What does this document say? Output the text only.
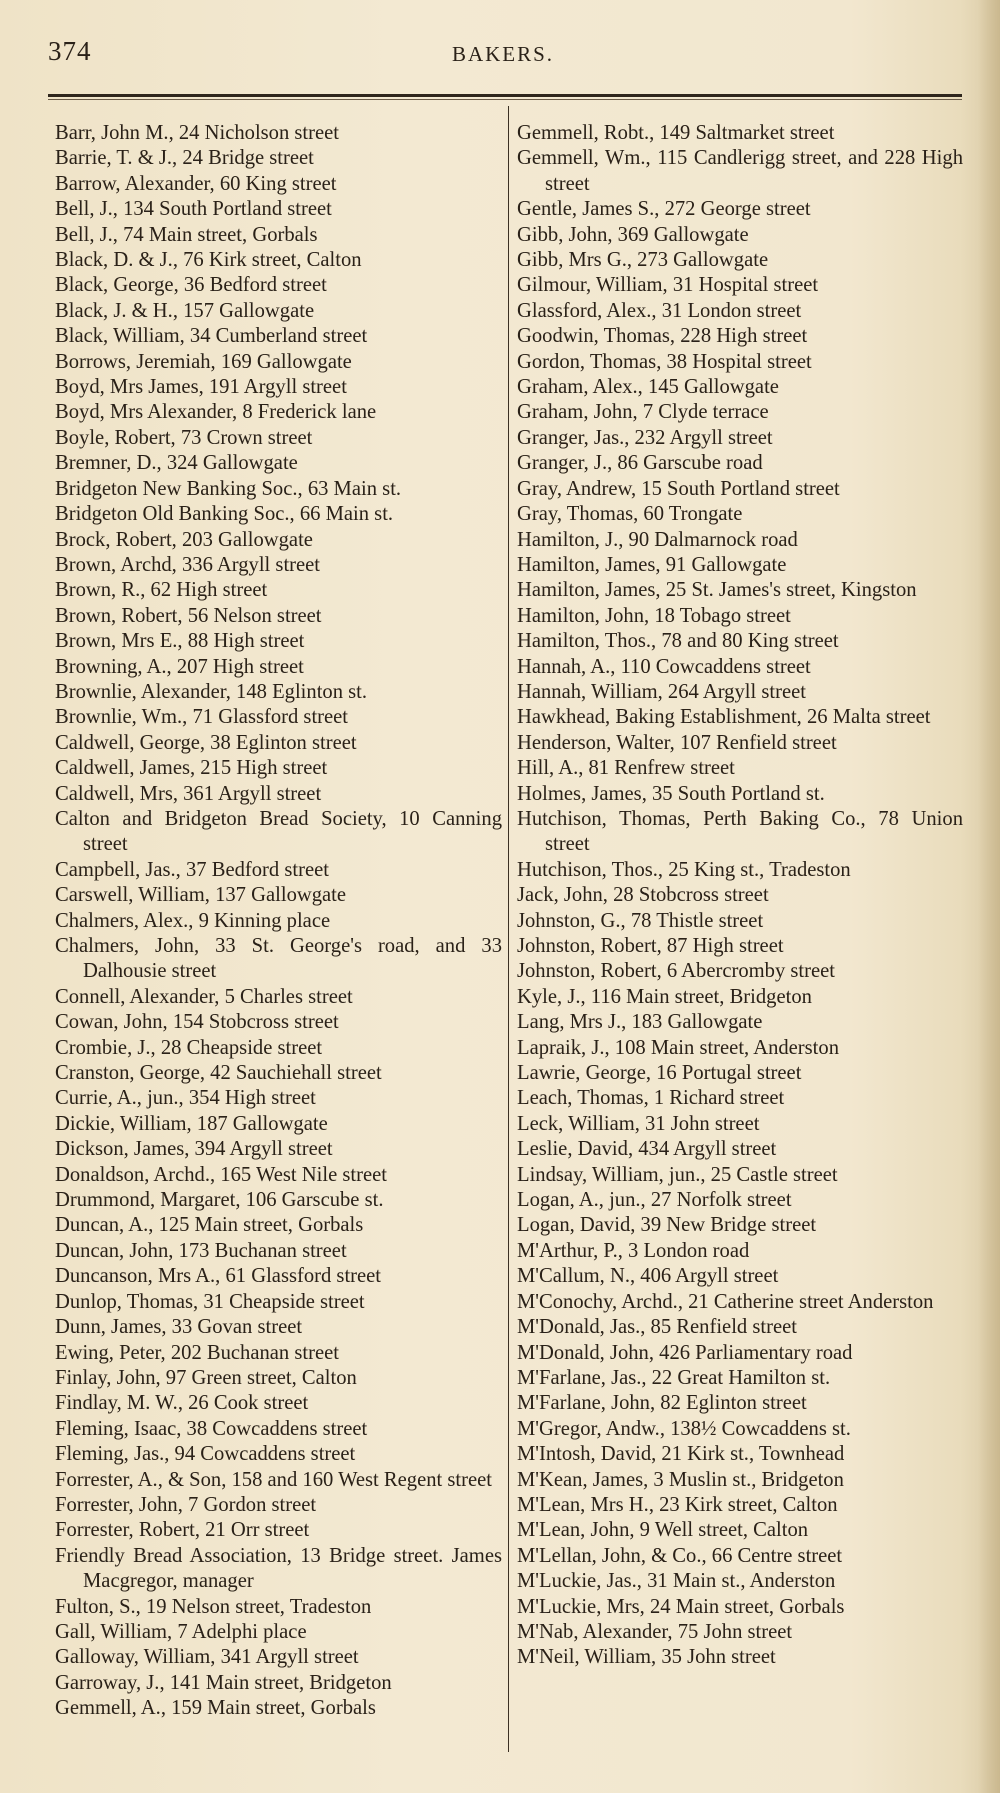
374	BAKERS.

Barr, John M., 24 Nicholson street

Barrie, T. & J., 24 Bridge street

Barrow, Alexander, 60 King street

Bell, J., 134 South Portland street

Bell, J., 74 Main street, Gorbals

Black, D. & J., 76 Kirk street, Calton

Black, George, 36 Bedford street

Black, J. & H., 157 Gallowgate

Black, William, 34 Cumberland street

Borrows, Jeremiah, 169 Gallowgate

Boyd, Mrs James, 191 Argyll street

Boyd, Mrs Alexander, 8 Frederick lane

Boyle, Robert, 73 Crown street

Bremner, D., 324 Gallowgate

Bridgeton New Banking Soc., 63 Main st.

Bridgeton Old Banking Soc., 66 Main st.

Brock, Robert, 203 Gallowgate

Brown, Archd, 336 Argyll street

Brown, R., 62 High street

Brown, Robert, 56 Nelson street

Brown, Mrs E., 88 High street

Browning, A., 207 High street

Brownlie, Alexander, 148 Eglinton st.

Brownlie, Wm., 71 Glassford street

Caldwell, George, 38 Eglinton street

Caldwell, James, 215 High street

Caldwell, Mrs, 361 Argyll street

Calton and Bridgeton Bread Society, 10 Canning street

Campbell, Jas., 37 Bedford street

Carswell, William, 137 Gallowgate

Chalmers, Alex., 9 Kinning place

Chalmers, John, 33 St. George's road, and 33 Dalhousie street

Connell, Alexander, 5 Charles street

Cowan, John, 154 Stobcross street

Crombie, J., 28 Cheapside street

Cranston, George, 42 Sauchiehall street

Currie, A., jun., 354 High street

Dickie, William, 187 Gallowgate

Dickson, James, 394 Argyll street

Donaldson, Archd., 165 West Nile street

Drummond, Margaret, 106 Garscube st.

Duncan, A., 125 Main street, Gorbals

Duncan, John, 173 Buchanan street

Duncanson, Mrs A., 61 Glassford street

Dunlop, Thomas, 31 Cheapside street

Dunn, James, 33 Govan street

Ewing, Peter, 202 Buchanan street

Finlay, John, 97 Green street, Calton

Findlay, M. W., 26 Cook street

Fleming, Isaac, 38 Cowcaddens street

Fleming, Jas., 94 Cowcaddens street

Forrester, A., & Son, 158 and 160 West Regent street

Forrester, John, 7 Gordon street

Forrester, Robert, 21 Orr street

Friendly Bread Association, 13 Bridge street. James Macgregor, manager

Fulton, S., 19 Nelson street, Tradeston

Gall, William, 7 Adelphi place

Galloway, William, 341 Argyll street

Garroway, J., 141 Main street, Bridgeton

Gemmell, A., 159 Main street, Gorbals

Gemmell, Robt., 149 Saltmarket street

Gemmell, Wm., 115 Candlerigg street, and 228 High street

Gentle, James S., 272 George street

Gibb, John, 369 Gallowgate

Gibb, Mrs G., 273 Gallowgate

Gilmour, William, 31 Hospital street

Glassford, Alex., 31 London street

Goodwin, Thomas, 228 High street

Gordon, Thomas, 38 Hospital street

Graham, Alex., 145 Gallowgate

Graham, John, 7 Clyde terrace

Granger, Jas., 232 Argyll street

Granger, J., 86 Garscube road

Gray, Andrew, 15 South Portland street

Gray, Thomas, 60 Trongate

Hamilton, J., 90 Dalmarnock road

Hamilton, James, 91 Gallowgate

Hamilton, James, 25 St. James's street, Kingston

Hamilton, John, 18 Tobago street

Hamilton, Thos., 78 and 80 King street

Hannah, A., 110 Cowcaddens street

Hannah, William, 264 Argyll street

Hawkhead, Baking Establishment, 26 Malta street

Henderson, Walter, 107 Renfield street

Hill, A., 81 Renfrew street

Holmes, James, 35 South Portland st.

Hutchison, Thomas, Perth Baking Co., 78 Union street

Hutchison, Thos., 25 King st., Tradeston

Jack, John, 28 Stobcross street

Johnston, G., 78 Thistle street

Johnston, Robert, 87 High street

Johnston, Robert, 6 Abercromby street

Kyle, J., 116 Main street, Bridgeton

Lang, Mrs J., 183 Gallowgate

Lapraik, J., 108 Main street, Anderston

Lawrie, George, 16 Portugal street

Leach, Thomas, 1 Richard street

Leck, William, 31 John street

Leslie, David, 434 Argyll street

Lindsay, William, jun., 25 Castle street

Logan, A., jun., 27 Norfolk street

Logan, David, 39 New Bridge street

M'Arthur, P., 3 London road

M'Callum, N., 406 Argyll street

M'Conochy, Archd., 21 Catherine street Anderston

M'Donald, Jas., 85 Renfield street

M'Donald, John, 426 Parliamentary road

M'Farlane, Jas., 22 Great Hamilton st.

M'Farlane, John, 82 Eglinton street

M'Gregor, Andw., 138½ Cowcaddens st.

M'Intosh, David, 21 Kirk st., Townhead

M'Kean, James, 3 Muslin st., Bridgeton

M'Lean, Mrs H., 23 Kirk street, Calton

M'Lean, John, 9 Well street, Calton

M'Lellan, John, & Co., 66 Centre street

M'Luckie, Jas., 31 Main st., Anderston

M'Luckie, Mrs, 24 Main street, Gorbals

M'Nab, Alexander, 75 John street

M'Neil, William, 35 John street
